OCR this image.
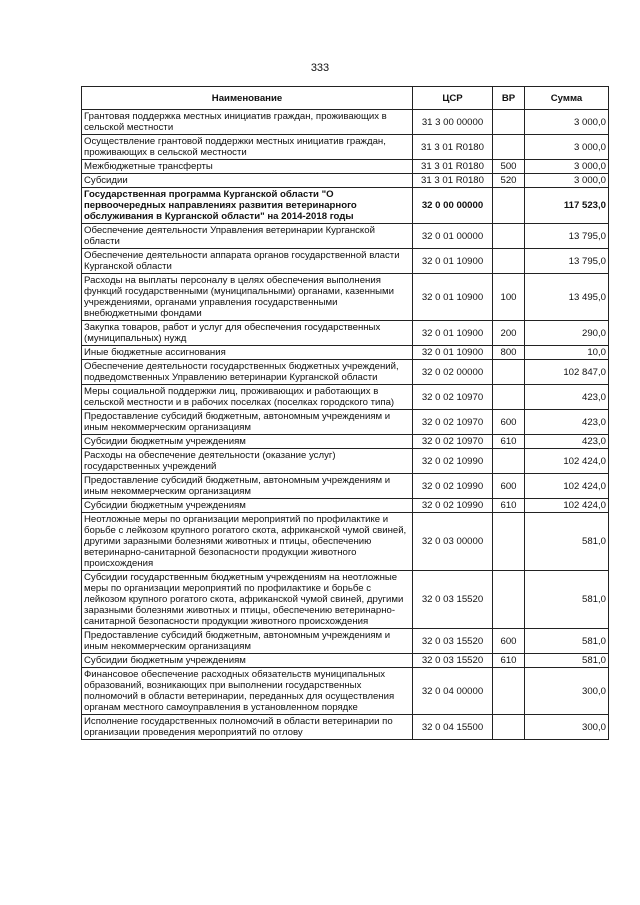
333
Наименование	ЦСР	ВР	Сумма
Грантовая поддержка местных инициатив граждан, проживающих в сельской местности	31 3 00 00000		3 000,0
Осуществление грантовой поддержки местных инициатив граждан, проживающих в сельской местности	31 3 01 R0180		3 000,0
Межбюджетные трансферты	31 3 01 R0180	500	3 000,0
Субсидии	31 3 01 R0180	520	3 000,0
Государственная программа Курганской области "О первоочередных направлениях развития ветеринарного обслуживания в Курганской области" на 2014-2018 годы	32 0 00 00000		117 523,0
Обеспечение деятельности Управления ветеринарии Курганской области	32 0 01 00000		13 795,0
Обеспечение деятельности аппарата органов государственной власти Курганской области	32 0 01 10900		13 795,0
Расходы на выплаты персоналу в целях обеспечения выполнения функций государственными (муниципальными) органами, казенными учреждениями, органами управления государственными внебюджетными фондами	32 0 01 10900	100	13 495,0
Закупка товаров, работ и услуг для обеспечения государственных (муниципальных) нужд	32 0 01 10900	200	290,0
Иные бюджетные ассигнования	32 0 01 10900	800	10,0
Обеспечение деятельности государственных бюджетных учреждений, подведомственных Управлению ветеринарии Курганской области	32 0 02 00000		102 847,0
Меры социальной поддержки лиц, проживающих и работающих в сельской местности и в рабочих поселках (поселках городского типа)	32 0 02 10970		423,0
Предоставление субсидий бюджетным, автономным учреждениям и иным некоммерческим организациям	32 0 02 10970	600	423,0
Субсидии бюджетным учреждениям	32 0 02 10970	610	423,0
Расходы на обеспечение деятельности (оказание услуг) государственных учреждений	32 0 02 10990		102 424,0
Предоставление субсидий бюджетным, автономным учреждениям и иным некоммерческим организациям	32 0 02 10990	600	102 424,0
Субсидии бюджетным учреждениям	32 0 02 10990	610	102 424,0
Неотложные меры по организации мероприятий по профилактике и борьбе с лейкозом крупного рогатого скота, африканской чумой свиней, другими заразными болезнями животных и птицы, обеспечению ветеринарно-санитарной безопасности продукции животного происхождения	32 0 03 00000		581,0
Субсидии государственным бюджетным учреждениям на неотложные меры по организации мероприятий по профилактике и борьбе с лейкозом крупного рогатого скота, африканской чумой свиней, другими заразными болезнями животных и птицы, обеспечению ветеринарно-санитарной безопасности продукции животного происхождения	32 0 03 15520		581,0
Предоставление субсидий бюджетным, автономным учреждениям и иным некоммерческим организациям	32 0 03 15520	600	581,0
Субсидии бюджетным учреждениям	32 0 03 15520	610	581,0
Финансовое обеспечение расходных обязательств муниципальных образований, возникающих при выполнении государственных полномочий в области ветеринарии, переданных для осуществления органам местного самоуправления в установленном порядке	32 0 04 00000		300,0
Исполнение государственных полномочий в области ветеринарии по организации проведения мероприятий по отлову	32 0 04 15500		300,0
